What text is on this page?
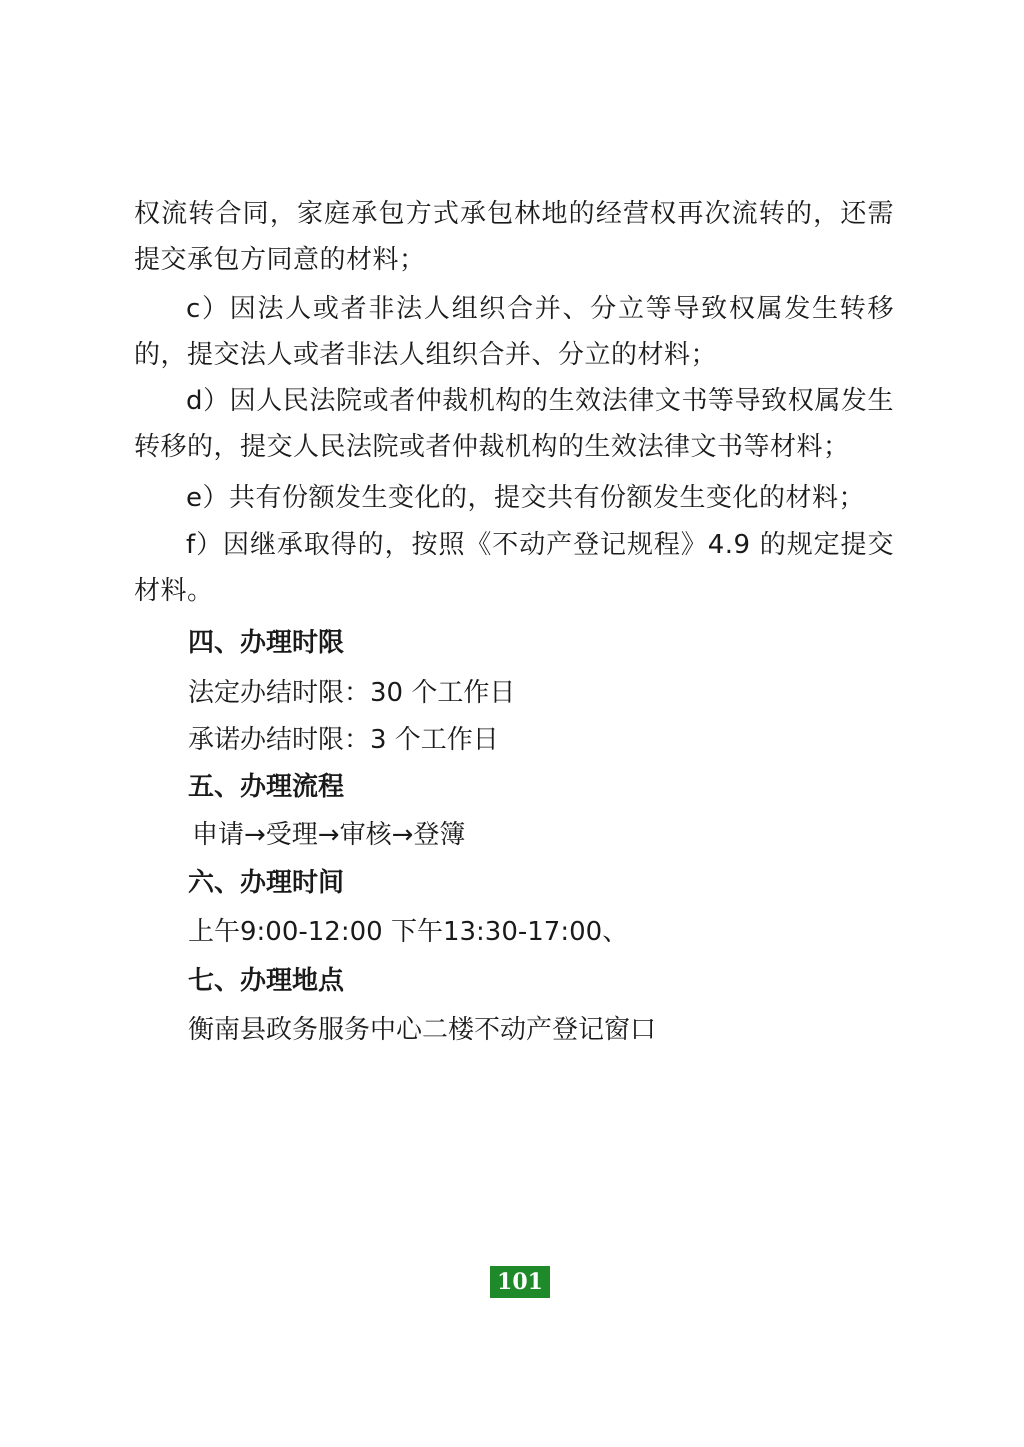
权流转合同，家庭承包方式承包林地的经营权再次流转的，还需提交承包方同意的材料；

c）因法人或者非法人组织合并、分立等导致权属发生转移的，提交法人或者非法人组织合并、分立的材料；

d）因人民法院或者仲裁机构的生效法律文书等导致权属发生转移的，提交人民法院或者仲裁机构的生效法律文书等材料；

e）共有份额发生变化的，提交共有份额发生变化的材料；

f）因继承取得的，按照《不动产登记规程》4.9 的规定提交材料。

四、办理时限

法定办结时限：30 个工作日

承诺办结时限：3 个工作日

五、办理流程

申请→受理→审核→登簿

六、办理时间

上午9:00-12:00 下午13:30-17:00、

七、办理地点

衡南县政务服务中心二楼不动产登记窗口

101
